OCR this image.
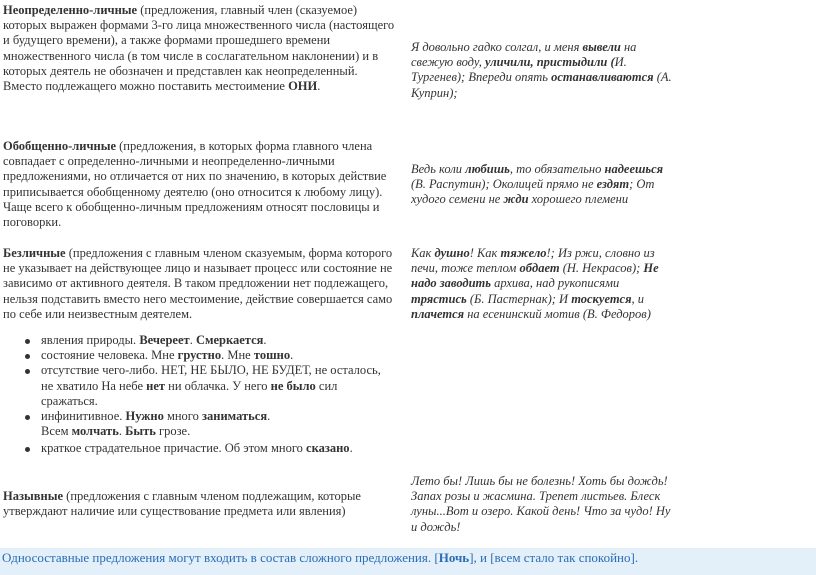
Неопределенно-личные (предложения, главный член (сказуемое) которых выражен формами 3-го лица множественного числа (настоящего и будущего времени), а также формами прошедшего времени множественного числа (в том числе в сослагательном наклонении) и в которых деятель не обозначен и представлен как неопределенный. Вместо подлежащего можно поставить местоимение ОНИ.
Я довольно гадко солгал, и меня вывели на свежую воду, уличили, пристыдили (И. Тургенев); Впереди опять останавливаются (А. Куприн);
Обобщенно-личные (предложения, в которых форма главного члена совпадает с определенно-личными и неопределенно-личными предложениями, но отличается от них по значению, в которых действие приписывается обобщенному деятелю (оно относится к любому лицу). Чаще всего к обобщенно-личным предложениям относят пословицы и поговорки.
Ведь коли любишь, то обязательно надеешься (В. Распутин); Околицей прямо не ездят; От худого семени не жди хорошего племени
Безличные (предложения с главным членом сказуемым, форма которого не указывает на действующее лицо и называет процесс или состояние не зависимо от активного деятеля. В таком предложении нет подлежащего, нельзя подставить вместо него местоимение, действие совершается само по себе или неизвестным деятелем.
явления природы. Вечереет. Смеркается.
состояние человека. Мне грустно. Мне тошно.
отсутствие чего-либо. НЕТ, НЕ БЫЛО, НЕ БУДЕТ, не осталось, не хватило На небе нет ни облачка. У него не было сил сражаться.
инфинитивное. Нужно много заниматься.
Всем молчать. Быть грозе.
краткое страдательное причастие. Об этом много сказано.
Как душно! Как тяжело!; Из ржи, словно из печи, тоже теплом обдает (Н. Некрасов); Не надо заводить архива, над рукописями трястись (Б. Пастернак); И тоскуется, и плачется на есенинский мотив (В. Федоров)
Назывные (предложения с главным членом подлежащим, которые утверждают наличие или существование предмета или явления)
Лето бы! Лишь бы не болезнь! Хоть бы дождь!Запах розы и жасмина. Трепет листьев. Блеск луны...Вот и озеро. Какой день! Что за чудо! Ну и дождь!
Односоставные предложения могут входить в состав сложного предложения. [Ночь], и [всем стало так спокойно].
